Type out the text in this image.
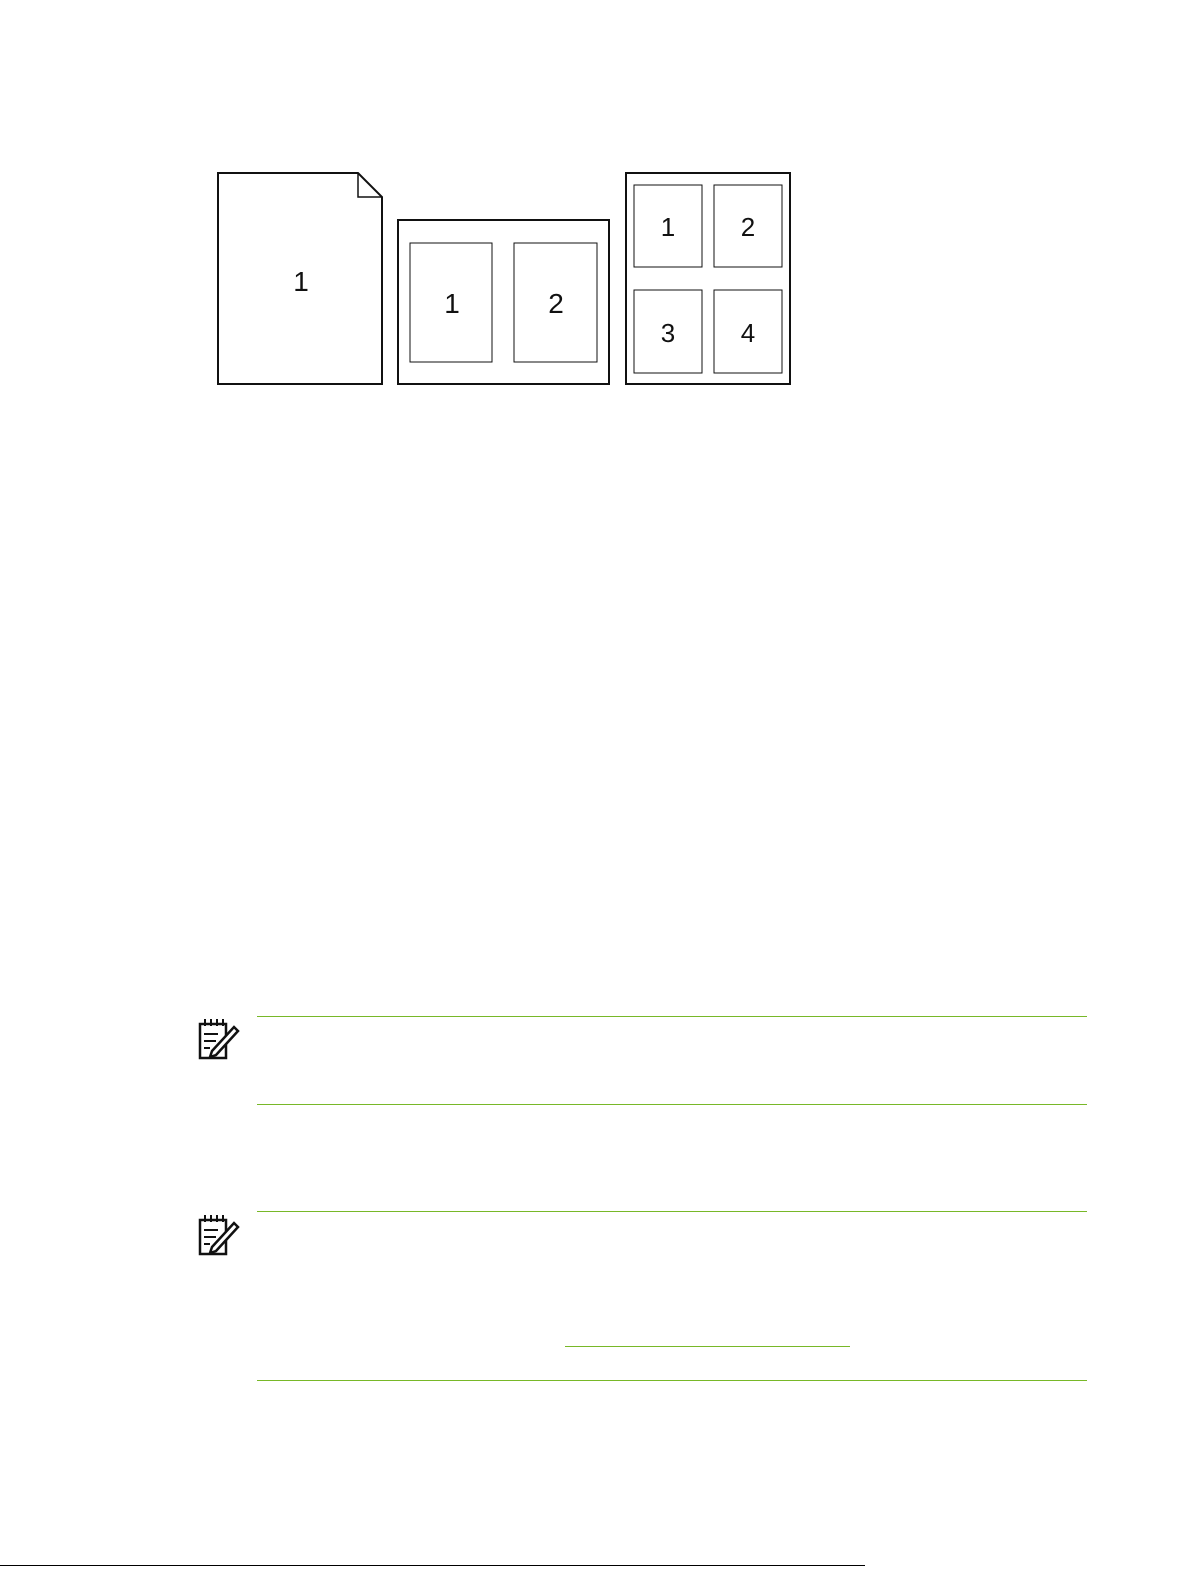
1
1	2
1	2
3	4
